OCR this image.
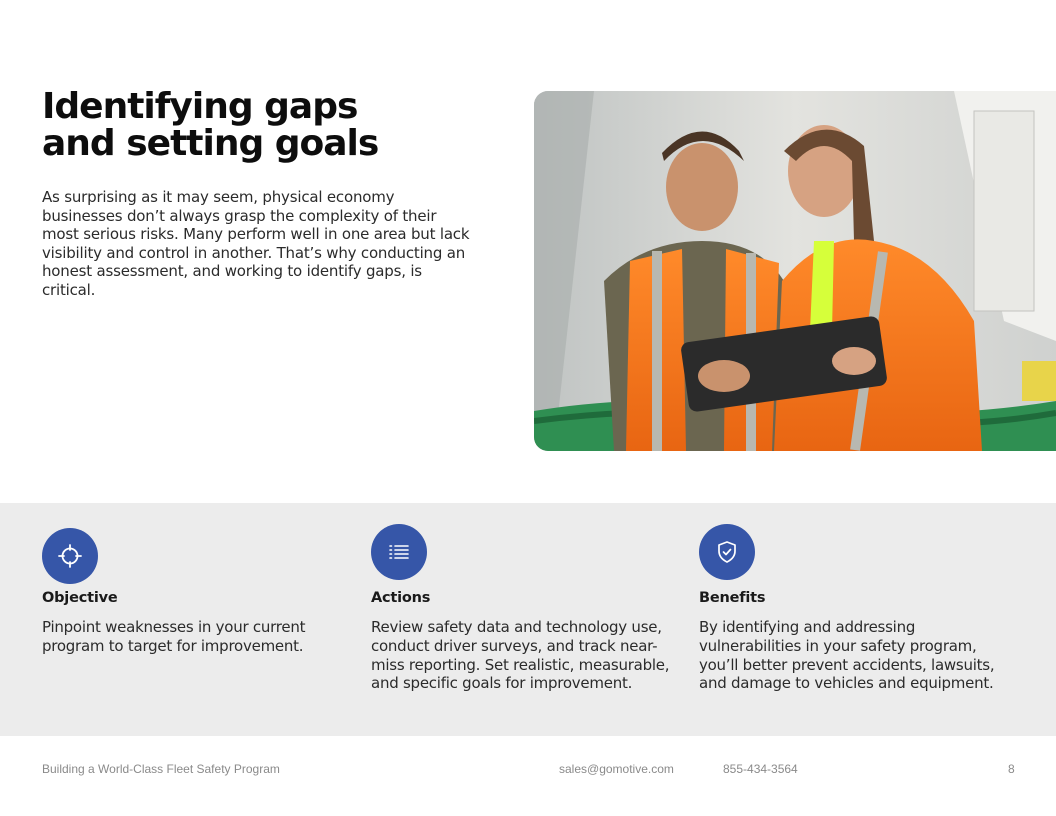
Identifying gaps
and setting goals

As surprising as it may seem, physical economy businesses don’t always grasp the complexity of their most serious risks. Many perform well in one area but lack visibility and control in another. That’s why conducting an honest assessment, and working to identify gaps, is critical.

Objective

Pinpoint weaknesses in your current program to target for improvement.

Actions

Review safety data and technology use, conduct driver surveys, and track near-miss reporting. Set realistic, measurable, and specific goals for improvement.

Benefits

By identifying and addressing vulnerabilities in your safety program, you’ll better prevent accidents, lawsuits, and damage to vehicles and equipment.

Building a World-Class Fleet Safety Program	sales@gomotive.com	855-434-3564	8
